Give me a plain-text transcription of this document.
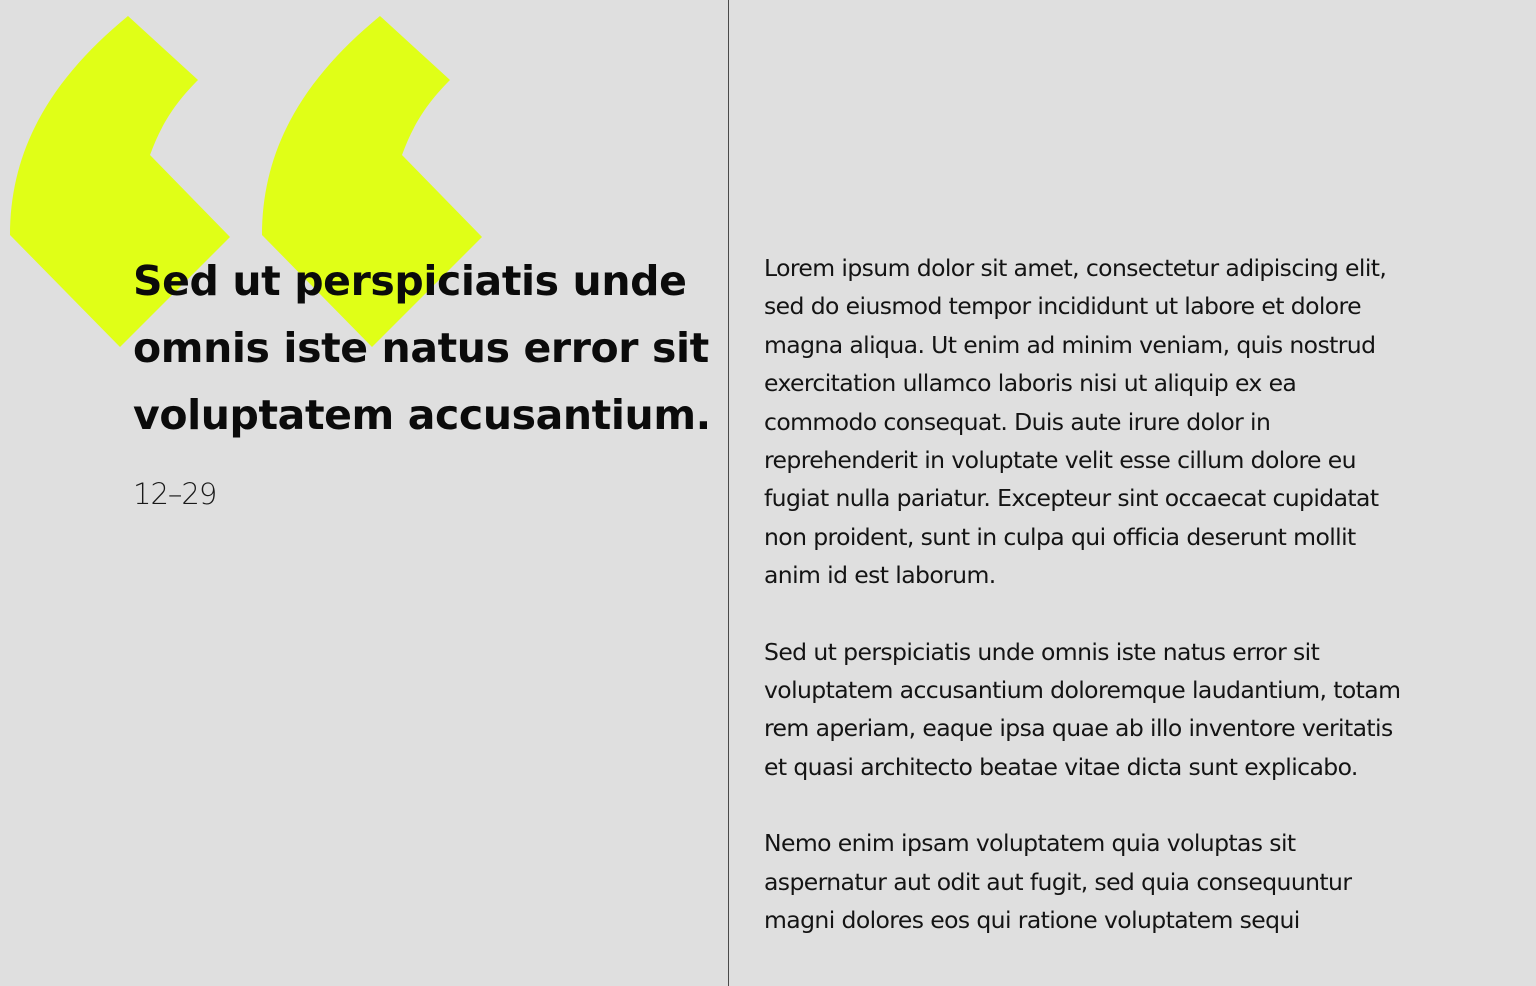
Sed ut perspiciatis unde omnis iste natus error sit voluptatem accusantium.

12–29

Lorem ipsum dolor sit amet, consectetur adipiscing elit, sed do eiusmod tempor incididunt ut labore et dolore magna aliqua. Ut enim ad minim veniam, quis nostrud exercitation ullamco laboris nisi ut aliquip ex ea commodo consequat. Duis aute irure dolor in reprehenderit in voluptate velit esse cillum dolore eu fugiat nulla pariatur. Excepteur sint occaecat cupidatat non proident, sunt in culpa qui officia deserunt mollit anim id est laborum.

Sed ut perspiciatis unde omnis iste natus error sit voluptatem accusantium doloremque laudantium, totam rem aperiam, eaque ipsa quae ab illo inventore veritatis et quasi architecto beatae vitae dicta sunt explicabo.

Nemo enim ipsam voluptatem quia voluptas sit aspernatur aut odit aut fugit, sed quia consequuntur magni dolores eos qui ratione voluptatem sequi
